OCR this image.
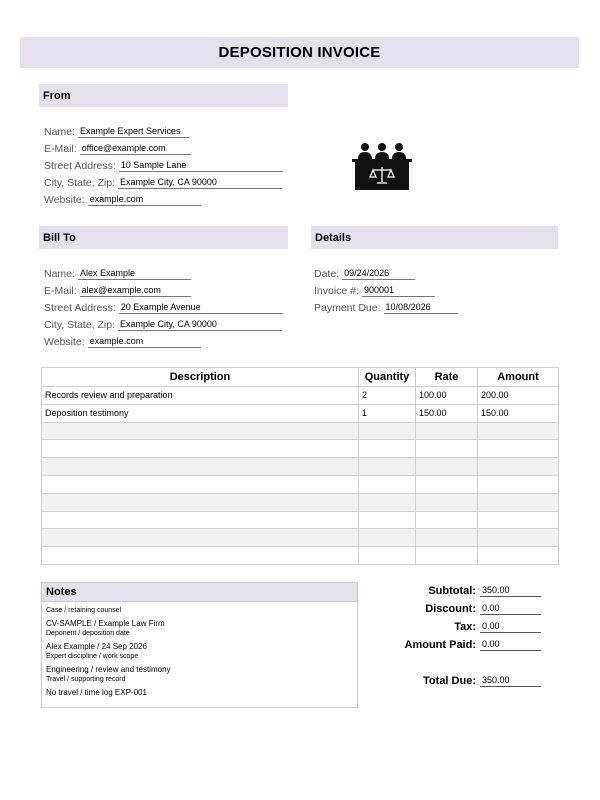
DEPOSITION INVOICE
From
Name: Example Expert Services
E-Mail: office@example.com
Street Address: 10 Sample Lane
City, State, Zip: Example City, CA 90000
Website: example.com
Bill To
Name: Alex Example
E-Mail: alex@example.com
Street Address: 20 Example Avenue
City, State, Zip: Example City, CA 90000
Website: example.com
Details
Date: 09/24/2026
Invoice #: 900001
Payment Due: 10/08/2026
Description	Quantity	Rate	Amount
Records review and preparation	2	100.00	200.00
Deposition testimony	1	150.00	150.00

Notes
Case / retaining counsel
CV-SAMPLE / Example Law Firm
Deponent / deposition date
Alex Example / 24 Sep 2026
Expert discipline / work scope
Engineering / review and testimony
Travel / supporting record
No travel / time log EXP-001
Subtotal: 350.00
Discount: 0.00
Tax: 0.00
Amount Paid: 0.00
Total Due: 350.00
